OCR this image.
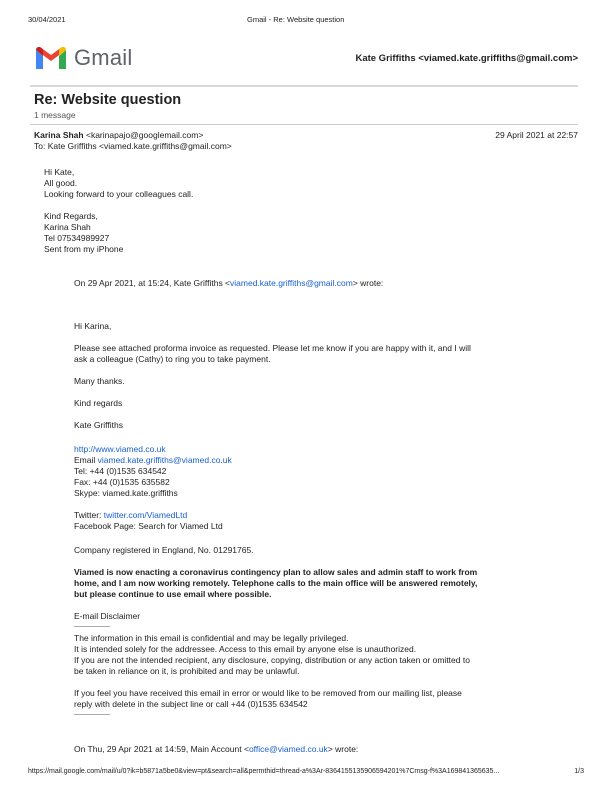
30/04/2021	Gmail - Re: Website question
Gmail	Kate Griffiths <viamed.kate.griffiths@gmail.com>
Re: Website question
1 message
Karina Shah <karinapajo@googlemail.com>	29 April 2021 at 22:57
To: Kate Griffiths <viamed.kate.griffiths@gmail.com>

Hi Kate,

All good.

Looking forward to your colleagues call.

Kind Regards,

Karina Shah

Tel 07534989927

Sent from my iPhone

On 29 Apr 2021, at 15:24, Kate Griffiths <viamed.kate.griffiths@gmail.com> wrote:
Hi Karina,

Please see attached proforma invoice as requested. Please let me know if you are happy with it, and I will

ask a colleague (Cathy) to ring you to take payment.

Many thanks.
Kind regards
Kate Griffiths

http://www.viamed.co.uk

Email viamed.kate.griffiths@viamed.co.uk

Tel: +44 (0)1535 634542

Fax: +44 (0)1535 635582

Skype: viamed.kate.griffiths

Twitter: twitter.com/ViamedLtd

Facebook Page: Search for Viamed Ltd

Company registered in England, No. 01291765.

Viamed is now enacting a coronavirus contingency plan to allow sales and admin staff to work from

home, and I am now working remotely. Telephone calls to the main office will be answered remotely,

but please continue to use email where possible.

E-mail Disclaimer

------------------

The information in this email is confidential and may be legally privileged.

It is intended solely for the addressee. Access to this email by anyone else is unauthorized.

If you are not the intended recipient, any disclosure, copying, distribution or any action taken or omitted to

be taken in reliance on it, is prohibited and may be unlawful.

If you feel you have received this email in error or would like to be removed from our mailing list, please

reply with delete in the subject line or call +44 (0)1535 634542

------------------

On Thu, 29 Apr 2021 at 14:59, Main Account <office@viamed.co.uk> wrote:
https://mail.google.com/mail/u/0?ik=b5871a5be0&view=pt&search=all&permthid=thread-a%3Ar-8364155135906594201%7Cmsg-f%3A169841365635...	1/3
